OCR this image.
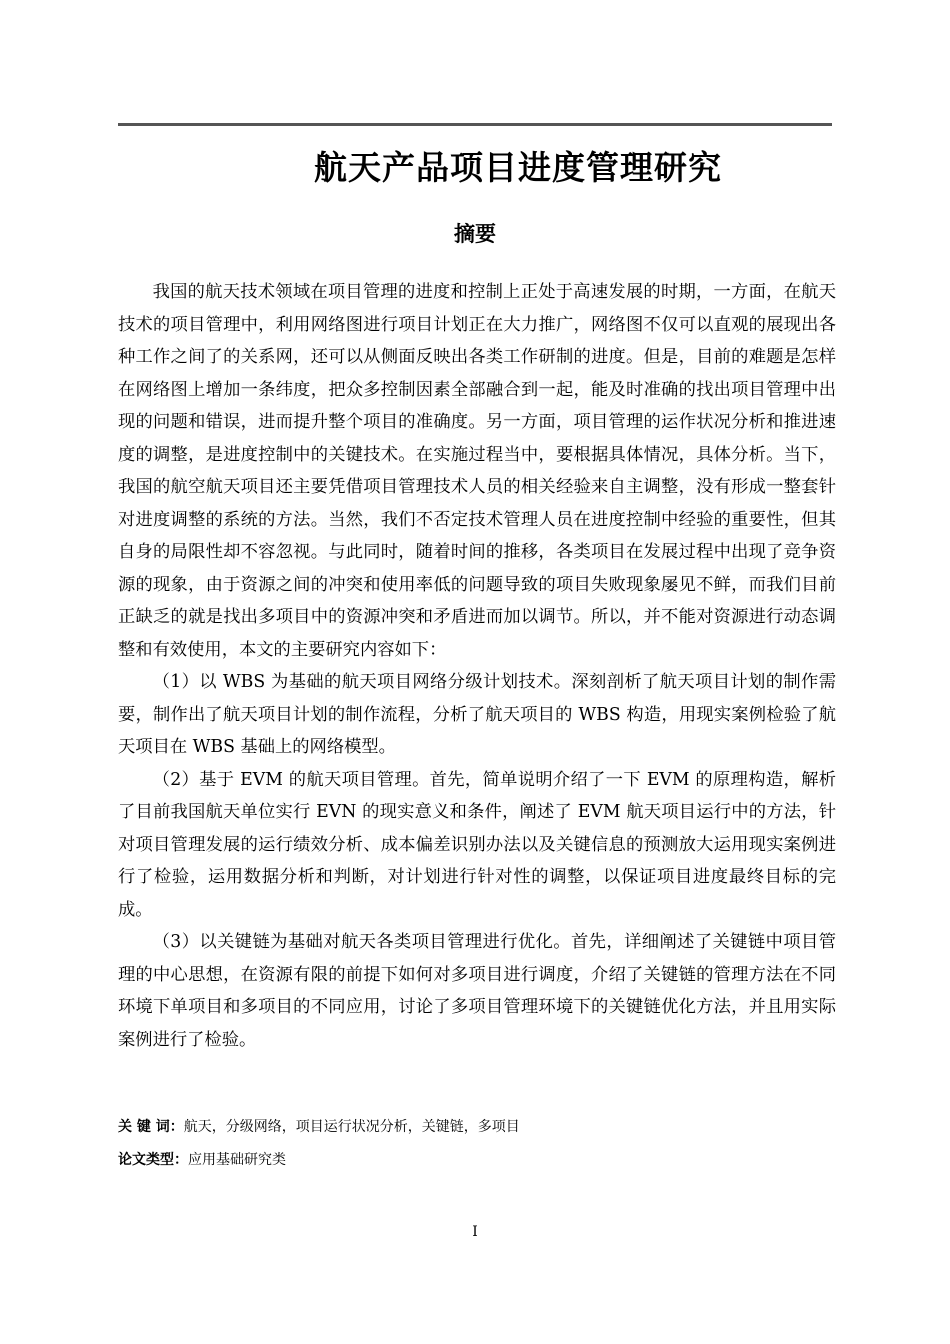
航天产品项目进度管理研究
摘要

我国的航天技术领域在项目管理的进度和控制上正处于高速发展的时期，一方面，在航天技术的项目管理中，利用网络图进行项目计划正在大力推广，网络图不仅可以直观的展现出各种工作之间了的关系网，还可以从侧面反映出各类工作研制的进度。但是，目前的难题是怎样在网络图上增加一条纬度，把众多控制因素全部融合到一起，能及时准确的找出项目管理中出现的问题和错误，进而提升整个项目的准确度。另一方面，项目管理的运作状况分析和推进速度的调整，是进度控制中的关键技术。在实施过程当中，要根据具体情况，具体分析。当下，我国的航空航天项目还主要凭借项目管理技术人员的相关经验来自主调整，没有形成一整套针对进度调整的系统的方法。当然，我们不否定技术管理人员在进度控制中经验的重要性，但其自身的局限性却不容忽视。与此同时，随着时间的推移，各类项目在发展过程中出现了竞争资源的现象，由于资源之间的冲突和使用率低的问题导致的项目失败现象屡见不鲜，而我们目前正缺乏的就是找出多项目中的资源冲突和矛盾进而加以调节。所以，并不能对资源进行动态调整和有效使用，本文的主要研究内容如下：

（1）以 WBS 为基础的航天项目网络分级计划技术。深刻剖析了航天项目计划的制作需要，制作出了航天项目计划的制作流程，分析了航天项目的 WBS 构造，用现实案例检验了航天项目在 WBS 基础上的网络模型。

（2）基于 EVM 的航天项目管理。首先，简单说明介绍了一下 EVM 的原理构造，解析了目前我国航天单位实行 EVN 的现实意义和条件，阐述了 EVM 航天项目运行中的方法，针对项目管理发展的运行绩效分析、成本偏差识别办法以及关键信息的预测放大运用现实案例进行了检验，运用数据分析和判断，对计划进行针对性的调整，以保证项目进度最终目标的完成。

（3）以关键链为基础对航天各类项目管理进行优化。首先，详细阐述了关键链中项目管理的中心思想，在资源有限的前提下如何对多项目进行调度，介绍了关键链的管理方法在不同环境下单项目和多项目的不同应用，讨论了多项目管理环境下的关键链优化方法，并且用实际案例进行了检验。

关 键 词：航天，分级网络，项目运行状况分析，关键链，多项目
论文类型：应用基础研究类
I
